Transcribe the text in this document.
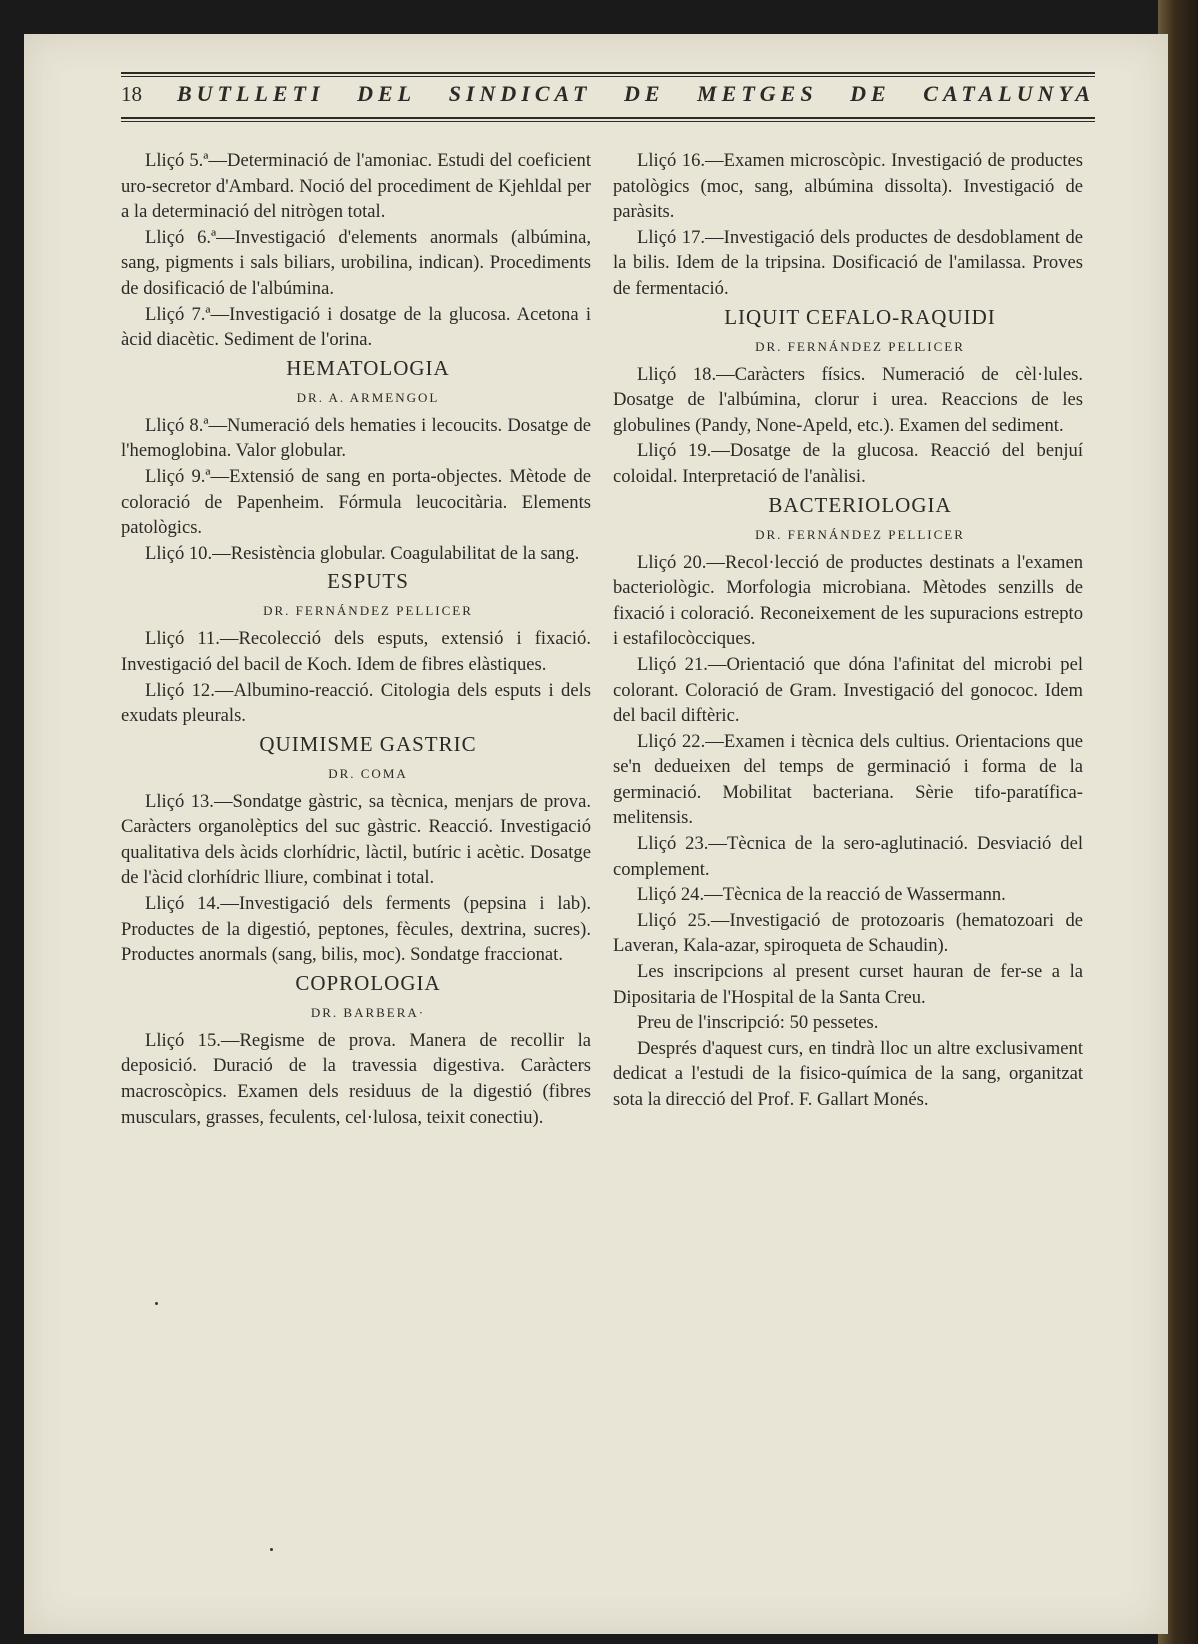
18	BUTLLETI DEL SINDICAT DE METGES DE CATALUNYA

Lliçó 5.ª—Determinació de l'amoniac. Estudi del coeficient uro-secretor d'Ambard. Noció del procediment de Kjehldal per a la determinació del nitrògen total.

Lliçó 6.ª—Investigació d'elements anormals (albúmina, sang, pigments i sals biliars, urobilina, indican). Procediments de dosificació de l'albúmina.

Lliçó 7.ª—Investigació i dosatge de la glucosa. Acetona i àcid diacètic. Sediment de l'orina.

HEMATOLOGIA

DR. A. ARMENGOL

Lliçó 8.ª—Numeració dels hematies i lecoucits. Dosatge de l'hemoglobina. Valor globular.

Lliçó 9.ª—Extensió de sang en porta-objectes. Mètode de coloració de Papenheim. Fórmula leucocitària. Elements patològics.

Lliçó 10.—Resistència globular. Coagulabilitat de la sang.

ESPUTS

DR. FERNÁNDEZ PELLICER

Lliçó 11.—Recolecció dels esputs, extensió i fixació. Investigació del bacil de Koch. Idem de fibres elàstiques.

Lliçó 12.—Albumino-reacció. Citologia dels esputs i dels exudats pleurals.

QUIMISME GASTRIC

DR. COMA

Lliçó 13.—Sondatge gàstric, sa tècnica, menjars de prova. Caràcters organolèptics del suc gàstric. Reacció. Investigació qualitativa dels àcids clorhídric, làctil, butíric i acètic. Dosatge de l'àcid clorhídric lliure, combinat i total.

Lliçó 14.—Investigació dels ferments (pepsina i lab). Productes de la digestió, peptones, fècules, dextrina, sucres). Productes anormals (sang, bilis, moc). Sondatge fraccionat.

COPROLOGIA

DR. BARBERA·

Lliçó 15.—Regisme de prova. Manera de recollir la deposició. Duració de la travessia digestiva. Caràcters macroscòpics. Examen dels residuus de la digestió (fibres musculars, grasses, feculents, cel·lulosa, teixit conectiu).

Lliçó 16.—Examen microscòpic. Investigació de productes patològics (moc, sang, albúmina dissolta). Investigació de paràsits.

Lliçó 17.—Investigació dels productes de desdoblament de la bilis. Idem de la tripsina. Dosificació de l'amilassa. Proves de fermentació.

LIQUIT CEFALO-RAQUIDI

DR. FERNÁNDEZ PELLICER

Lliçó 18.—Caràcters físics. Numeració de cèl·lules. Dosatge de l'albúmina, clorur i urea. Reaccions de les globulines (Pandy, None-Apeld, etc.). Examen del sediment.

Lliçó 19.—Dosatge de la glucosa. Reacció del benjuí coloidal. Interpretació de l'anàlisi.

BACTERIOLOGIA

DR. FERNÁNDEZ PELLICER

Lliçó 20.—Recol·lecció de productes destinats a l'examen bacteriològic. Morfologia microbiana. Mètodes senzills de fixació i coloració. Reconeixement de les supuracions estrepto i estafilocòcciques.

Lliçó 21.—Orientació que dóna l'afinitat del microbi pel colorant. Coloració de Gram. Investigació del gonococ. Idem del bacil diftèric.

Lliçó 22.—Examen i tècnica dels cultius. Orientacions que se'n dedueixen del temps de germinació i forma de la germinació. Mobilitat bacteriana. Sèrie tifo-paratífica-melitensis.

Lliçó 23.—Tècnica de la sero-aglutinació. Desviació del complement.

Lliçó 24.—Tècnica de la reacció de Wassermann.

Lliçó 25.—Investigació de protozoaris (hematozoari de Laveran, Kala-azar, spiroqueta de Schaudin).

Les inscripcions al present curset hauran de fer-se a la Dipositaria de l'Hospital de la Santa Creu.

Preu de l'inscripció: 50 pessetes.

Després d'aquest curs, en tindrà lloc un altre exclusivament dedicat a l'estudi de la fisico-química de la sang, organitzat sota la direcció del Prof. F. Gallart Monés.
